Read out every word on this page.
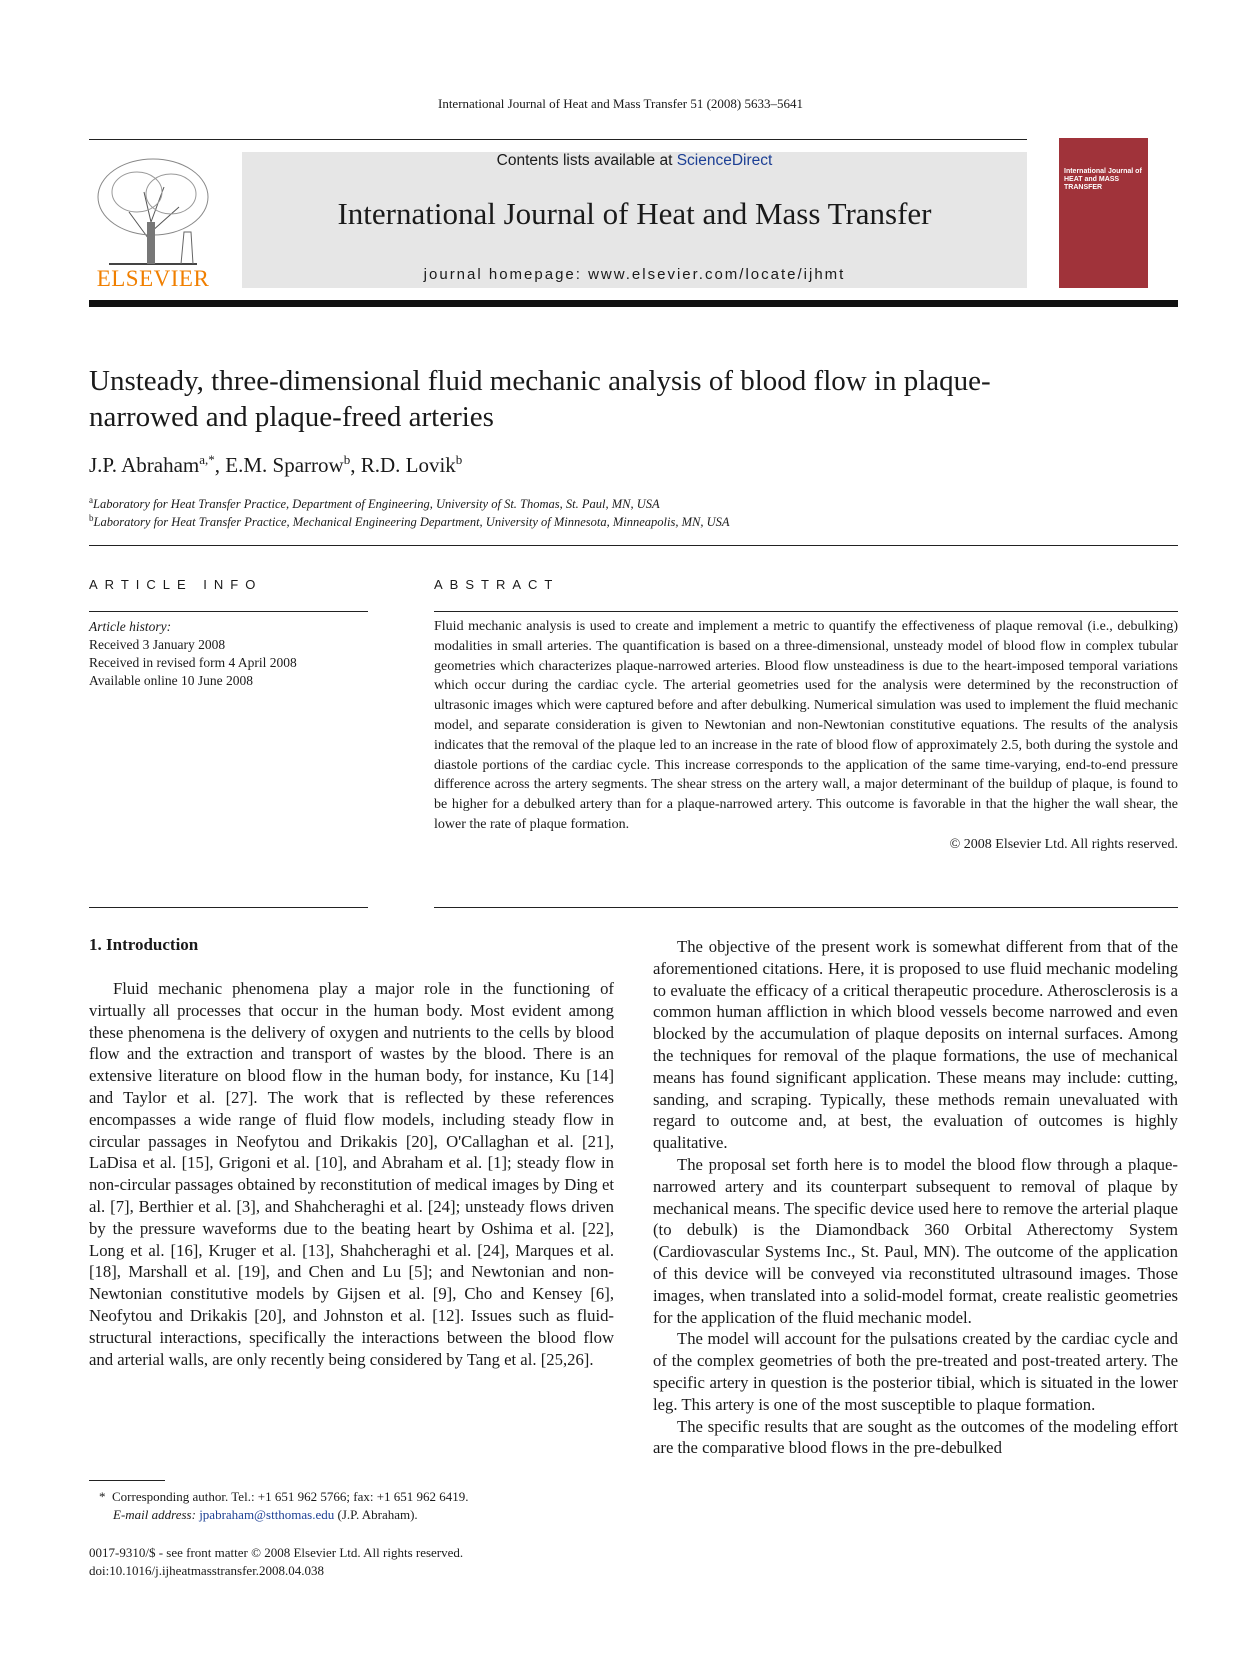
International Journal of Heat and Mass Transfer 51 (2008) 5633–5641
ELSEVIER
Contents lists available at ScienceDirect
International Journal of Heat and Mass Transfer
journal homepage: www.elsevier.com/locate/ijhmt
International Journal of HEAT and MASS TRANSFER
Unsteady, three-dimensional fluid mechanic analysis of blood flow in plaque-narrowed and plaque-freed arteries
J.P. Abraham$^{a,*}$, E.M. Sparrow$^b$, R.D. Lovik$^b$
$^a$Laboratory for Heat Transfer Practice, Department of Engineering, University of St. Thomas, St. Paul, MN, USA
$^b$Laboratory for Heat Transfer Practice, Mechanical Engineering Department, University of Minnesota, Minneapolis, MN, USA
ARTICLE INFO
Article history:
Received 3 January 2008
Received in revised form 4 April 2008
Available online 10 June 2008
ABSTRACT
Fluid mechanic analysis is used to create and implement a metric to quantify the effectiveness of plaque removal (i.e., debulking) modalities in small arteries. The quantification is based on a three-dimensional, unsteady model of blood flow in complex tubular geometries which characterizes plaque-narrowed arteries. Blood flow unsteadiness is due to the heart-imposed temporal variations which occur during the cardiac cycle. The arterial geometries used for the analysis were determined by the reconstruction of ultrasonic images which were captured before and after debulking. Numerical simulation was used to implement the fluid mechanic model, and separate consideration is given to Newtonian and non-Newtonian constitutive equations. The results of the analysis indicates that the removal of the plaque led to an increase in the rate of blood flow of approximately 2.5, both during the systole and diastole portions of the cardiac cycle. This increase corresponds to the application of the same time-varying, end-to-end pressure difference across the artery segments. The shear stress on the artery wall, a major determinant of the buildup of plaque, is found to be higher for a debulked artery than for a plaque-narrowed artery. This outcome is favorable in that the higher the wall shear, the lower the rate of plaque formation.
© 2008 Elsevier Ltd. All rights reserved.
1. Introduction

Fluid mechanic phenomena play a major role in the functioning of virtually all processes that occur in the human body. Most evident among these phenomena is the delivery of oxygen and nutrients to the cells by blood flow and the extraction and transport of wastes by the blood. There is an extensive literature on blood flow in the human body, for instance, Ku [14] and Taylor et al. [27]. The work that is reflected by these references encompasses a wide range of fluid flow models, including steady flow in circular passages in Neofytou and Drikakis [20], O'Callaghan et al. [21], LaDisa et al. [15], Grigoni et al. [10], and Abraham et al. [1]; steady flow in non-circular passages obtained by reconstitution of medical images by Ding et al. [7], Berthier et al. [3], and Shahcheraghi et al. [24]; unsteady flows driven by the pressure waveforms due to the beating heart by Oshima et al. [22], Long et al. [16], Kruger et al. [13], Shahcheraghi et al. [24], Marques et al. [18], Marshall et al. [19], and Chen and Lu [5]; and Newtonian and non-Newtonian constitutive models by Gijsen et al. [9], Cho and Kensey [6], Neofytou and Drikakis [20], and Johnston et al. [12]. Issues such as fluid-structural interactions, specifically the interactions between the blood flow and arterial walls, are only recently being considered by Tang et al. [25,26].

The objective of the present work is somewhat different from that of the aforementioned citations. Here, it is proposed to use fluid mechanic modeling to evaluate the efficacy of a critical therapeutic procedure. Atherosclerosis is a common human affliction in which blood vessels become narrowed and even blocked by the accumulation of plaque deposits on internal surfaces. Among the techniques for removal of the plaque formations, the use of mechanical means has found significant application. These means may include: cutting, sanding, and scraping. Typically, these methods remain unevaluated with regard to outcome and, at best, the evaluation of outcomes is highly qualitative.

The proposal set forth here is to model the blood flow through a plaque-narrowed artery and its counterpart subsequent to removal of plaque by mechanical means. The specific device used here to remove the arterial plaque (to debulk) is the Diamondback 360 Orbital Atherectomy System (Cardiovascular Systems Inc., St. Paul, MN). The outcome of the application of this device will be conveyed via reconstituted ultrasound images. Those images, when translated into a solid-model format, create realistic geometries for the application of the fluid mechanic model.

The model will account for the pulsations created by the cardiac cycle and of the complex geometries of both the pre-treated and post-treated artery. The specific artery in question is the posterior tibial, which is situated in the lower leg. This artery is one of the most susceptible to plaque formation.

The specific results that are sought as the outcomes of the modeling effort are the comparative blood flows in the pre-debulked

* Corresponding author. Tel.: +1 651 962 5766; fax: +1 651 962 6419.
E-mail address: jpabraham@stthomas.edu (J.P. Abraham).
0017-9310/$ - see front matter © 2008 Elsevier Ltd. All rights reserved.
doi:10.1016/j.ijheatmasstransfer.2008.04.038
